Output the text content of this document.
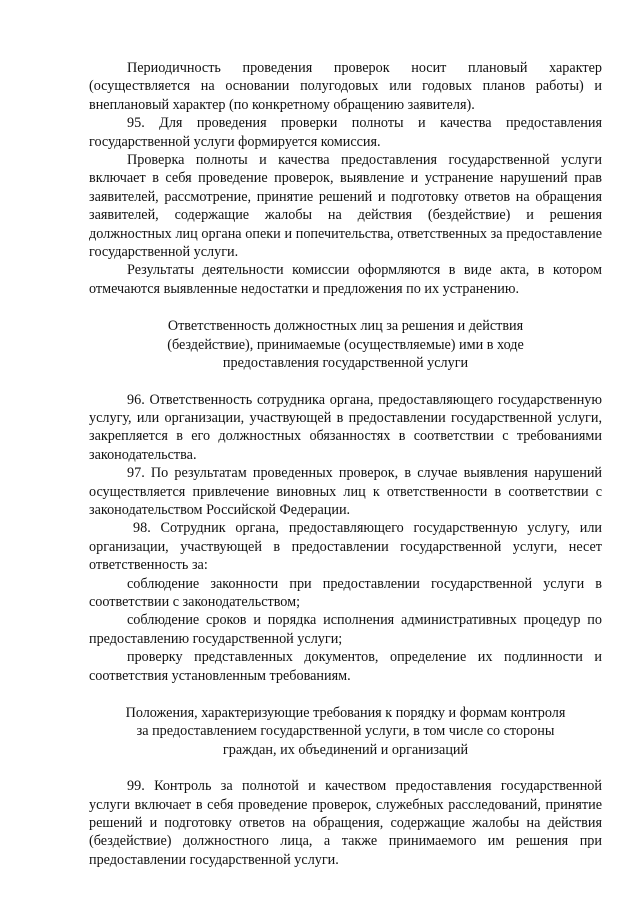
Периодичность проведения проверок носит плановый характер (осуществляется на основании полугодовых или годовых планов работы) и внеплановый характер (по конкретному обращению заявителя).

95. Для проведения проверки полноты и качества предоставления государственной услуги формируется комиссия.

Проверка полноты и качества предоставления государственной услуги включает в себя проведение проверок, выявление и устранение нарушений прав заявителей, рассмотрение, принятие решений и подготовку ответов на обращения заявителей, содержащие жалобы на действия (бездействие) и решения должностных лиц органа опеки и попечительства, ответственных за предоставление государственной услуги.

Результаты деятельности комиссии оформляются в виде акта, в котором отмечаются выявленные недостатки и предложения по их устранению.

Ответственность должностных лиц за решения и действия (бездействие), принимаемые (осуществляемые) ими в ходе предоставления государственной услуги

96. Ответственность сотрудника органа, предоставляющего государственную услугу, или организации, участвующей в предоставлении государственной услуги, закрепляется в его должностных обязанностях в соответствии с требованиями законодательства.

97. По результатам проведенных проверок, в случае выявления нарушений осуществляется привлечение виновных лиц к ответственности в соответствии с законодательством Российской Федерации.

98. Сотрудник органа, предоставляющего государственную услугу, или организации, участвующей в предоставлении государственной услуги, несет ответственность за:

соблюдение законности при предоставлении государственной услуги в соответствии с законодательством;

соблюдение сроков и порядка исполнения административных процедур по предоставлению государственной услуги;

проверку представленных документов, определение их подлинности и соответствия установленным требованиям.

Положения, характеризующие требования к порядку и формам контроля за предоставлением государственной услуги, в том числе со стороны граждан, их объединений и организаций

99. Контроль за полнотой и качеством предоставления государственной услуги включает в себя проведение проверок, служебных расследований, принятие решений и подготовку ответов на обращения, содержащие жалобы на действия (бездействие) должностного лица, а также принимаемого им решения при предоставлении государственной услуги.
